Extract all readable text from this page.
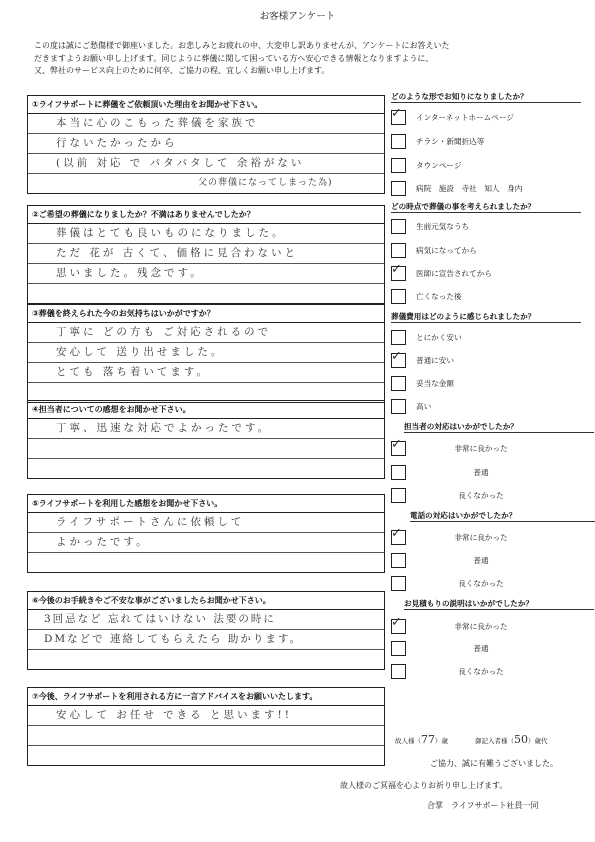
お客様アンケート
この度は誠にご愁傷様で御座いました。お悲しみとお疲れの中、大変申し訳ありませんが、アンケートにお答えいた
だきますようお願い申し上げます。同じように葬儀に関して困っている方へ安心できる情報となりますように、
又、弊社のサービス向上のために何卒、ご協力の程、宜しくお願い申し上げます。
①ライフサポートに葬儀をご依頼頂いた理由をお聞かせ下さい。
本当に心のこもった葬儀を家族で
行ないたかったから
(以前 対応 で バタバタして 余裕がない
父の葬儀になってしまった為)
②ご希望の葬儀になりましたか？不満はありませんでしたか？
葬儀はとても良いものになりました。
ただ 花が 古くて、価格に見合わないと
思いました。残念です。
③葬儀を終えられた今のお気持ちはいかがですか？
丁寧に どの方も ご対応されるので
安心して 送り出せました。
とても 落ち着いてます。
④担当者についての感想をお聞かせ下さい。
丁寧、迅速な対応でよかったです。
⑤ライフサポートを利用した感想をお聞かせ下さい。
ライフサポートさんに依頼して
よかったです。
⑥今後のお手続きやご不安な事がございましたらお聞かせ下さい。
3回忌など 忘れてはいけない 法要の時に
DMなどで 連絡してもらえたら 助かります。
⑦今後、ライフサポートを利用される方に一言アドバイスをお願いいたします。
安心して お任せ できる と思います!!
どのような形でお知りになりましたか？
✓ インターネットホームページ
チラシ・新聞折込等
タウンページ
病院　施設　寺社　知人　身内
どの時点で葬儀の事を考えられましたか？
生前元気なうち
病気になってから
✓ 医師に宣告されてから
亡くなった後
葬儀費用はどのように感じられましたか？
とにかく安い
✓ 普通に安い
妥当な金額
高い
担当者の対応はいかがでしたか？
✓	非常に良かった
普通
良くなかった
電話の対応はいかがでしたか？
✓	非常に良かった
普通
良くなかった
お見積もりの説明はいかがでしたか？
✓	非常に良かった
普通
良くなかった
故人様（77）歳	御記入者様（50）歳代
ご協力、誠に有難うございました。
故人様のご冥福を心よりお祈り申し上げます。
合掌　ライフサポート社員一同
